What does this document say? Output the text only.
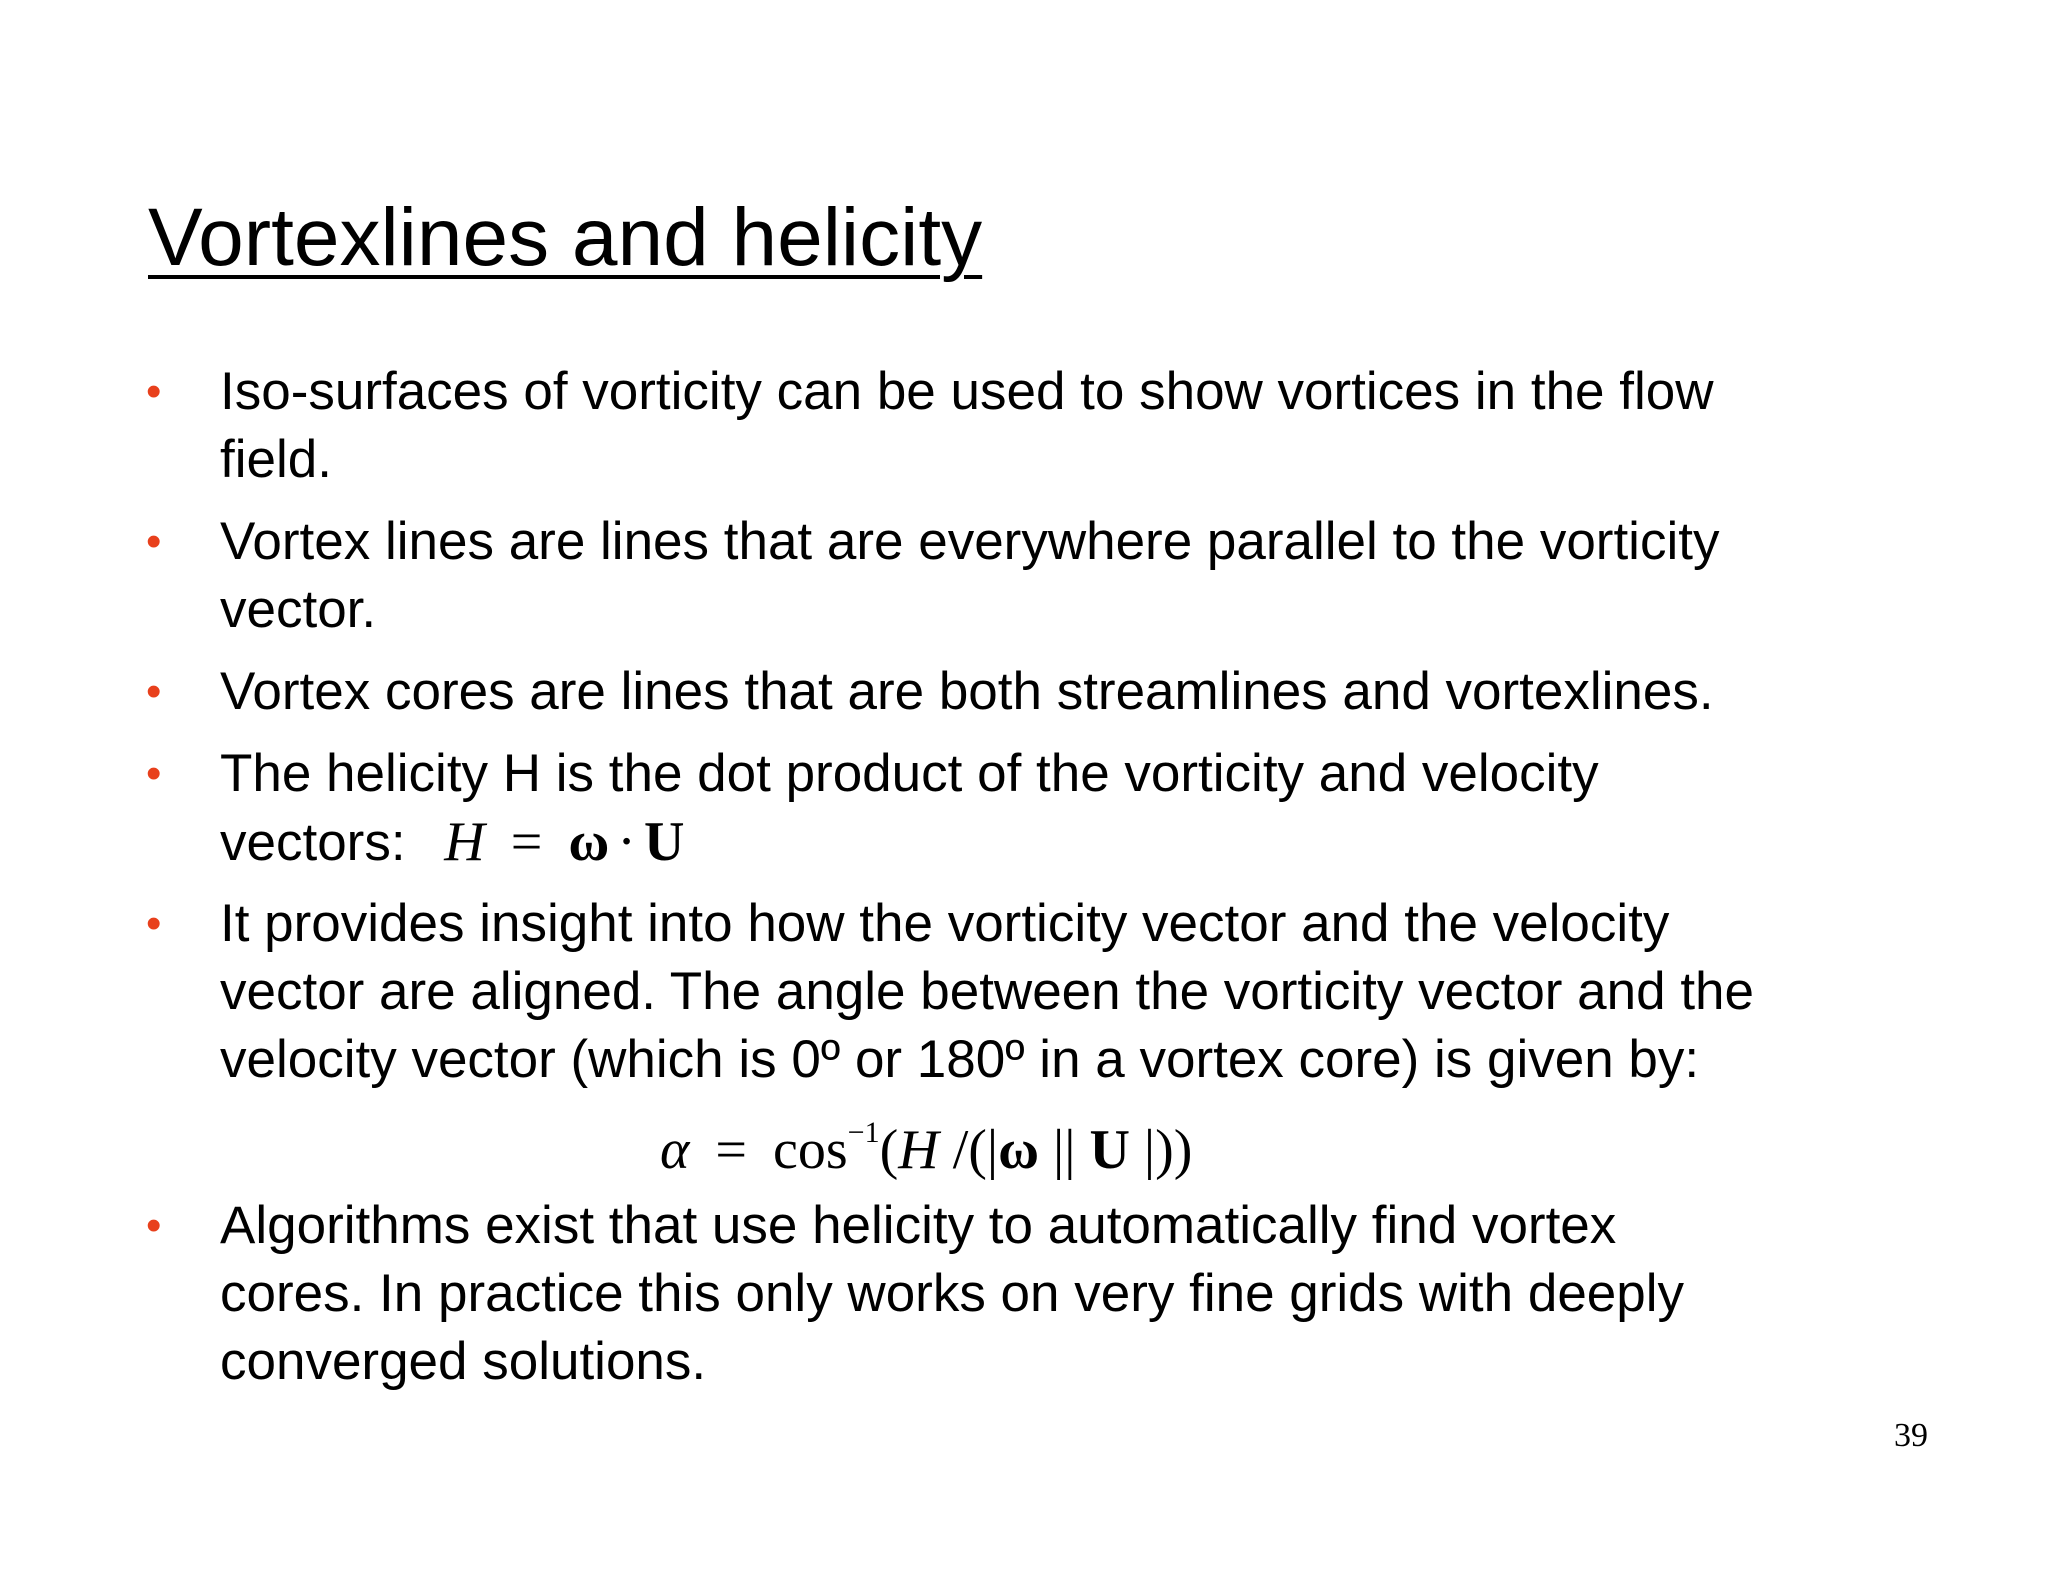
Vortexlines and helicity
• Iso-surfaces of vorticity can be used to show vortices in the flow
field.
• Vortex lines are lines that are everywhere parallel to the vorticity
vector.
• Vortex cores are lines that are both streamlines and vortexlines.
• The helicity H is the dot product of the vorticity and velocity
vectors: H = ω · U
• It provides insight into how the vorticity vector and the velocity
vector are aligned. The angle between the vorticity vector and the
velocity vector (which is 0º or 180º in a vortex core) is given by:
• Algorithms exist that use helicity to automatically find vortex
cores. In practice this only works on very fine grids with deeply
converged solutions.
$\alpha = \cos^{-1}(H$ /(|ω || U |))
39
